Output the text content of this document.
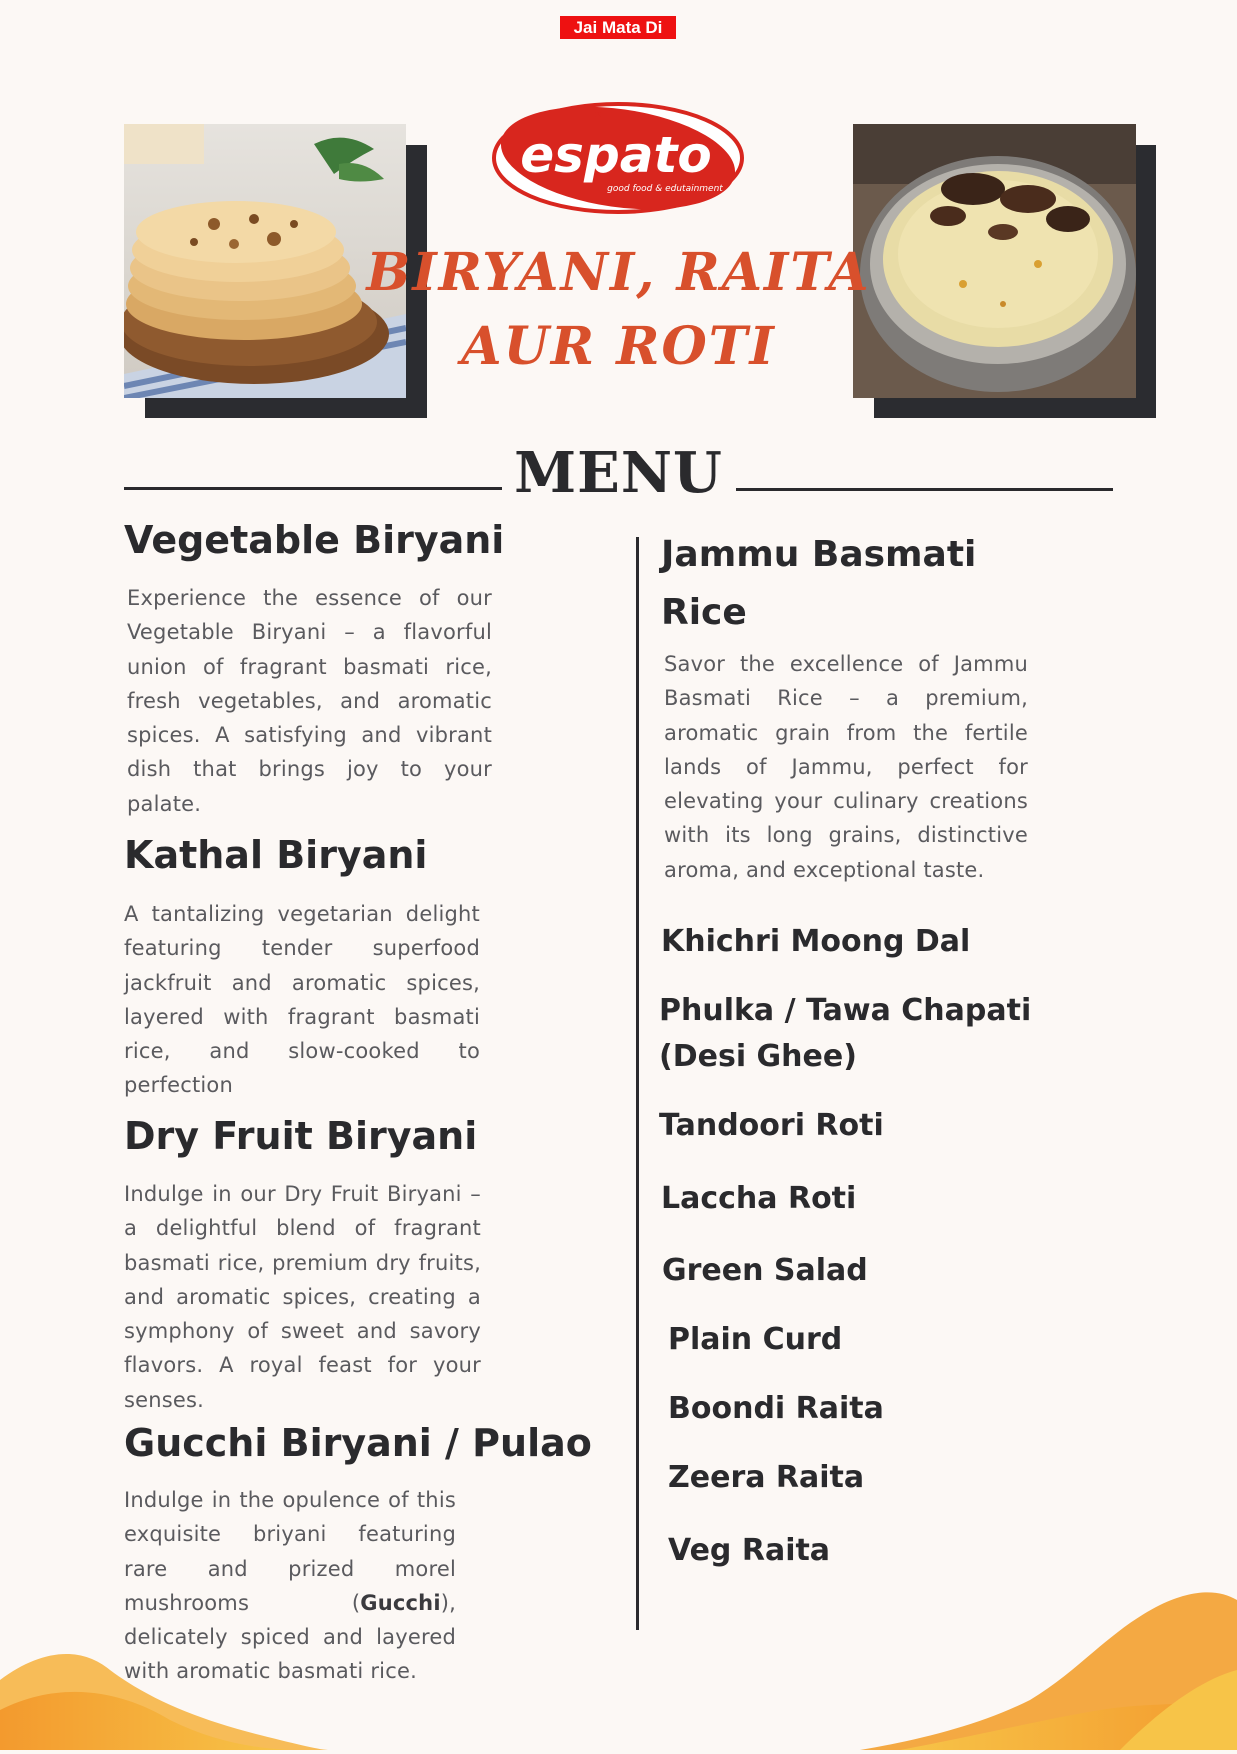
Jai Mata Di
espato
good food & edutainment
(R)
BIRYANI, RAITA
AUR ROTI
MENU
Vegetable Biryani
Experience the essence of our Vegetable Biryani – a flavorful union of fragrant basmati rice, fresh vegetables, and aromatic spices. A satisfying and vibrant dish that brings joy to your palate.
Kathal Biryani
A tantalizing vegetarian delight featuring tender superfood jackfruit and aromatic spices, layered with fragrant basmati rice, and slow-cooked to perfection
Dry Fruit Biryani
Indulge in our Dry Fruit Biryani – a delightful blend of fragrant basmati rice, premium dry fruits, and aromatic spices, creating a symphony of sweet and savory flavors. A royal feast for your senses.
Gucchi Biryani / Pulao
Indulge in the opulence of this exquisite briyani featuring rare and prized morel mushrooms (Gucchi), delicately spiced and layered with aromatic basmati rice.
Jammu Basmati
Rice
Savor the excellence of Jammu Basmati Rice – a premium, aromatic grain from the fertile lands of Jammu, perfect for elevating your culinary creations with its long grains, distinctive aroma, and exceptional taste.
Khichri Moong Dal
Phulka / Tawa Chapati
(Desi Ghee)
Tandoori Roti
Laccha Roti
Green Salad
Plain Curd
Boondi Raita
Zeera Raita
Veg Raita
